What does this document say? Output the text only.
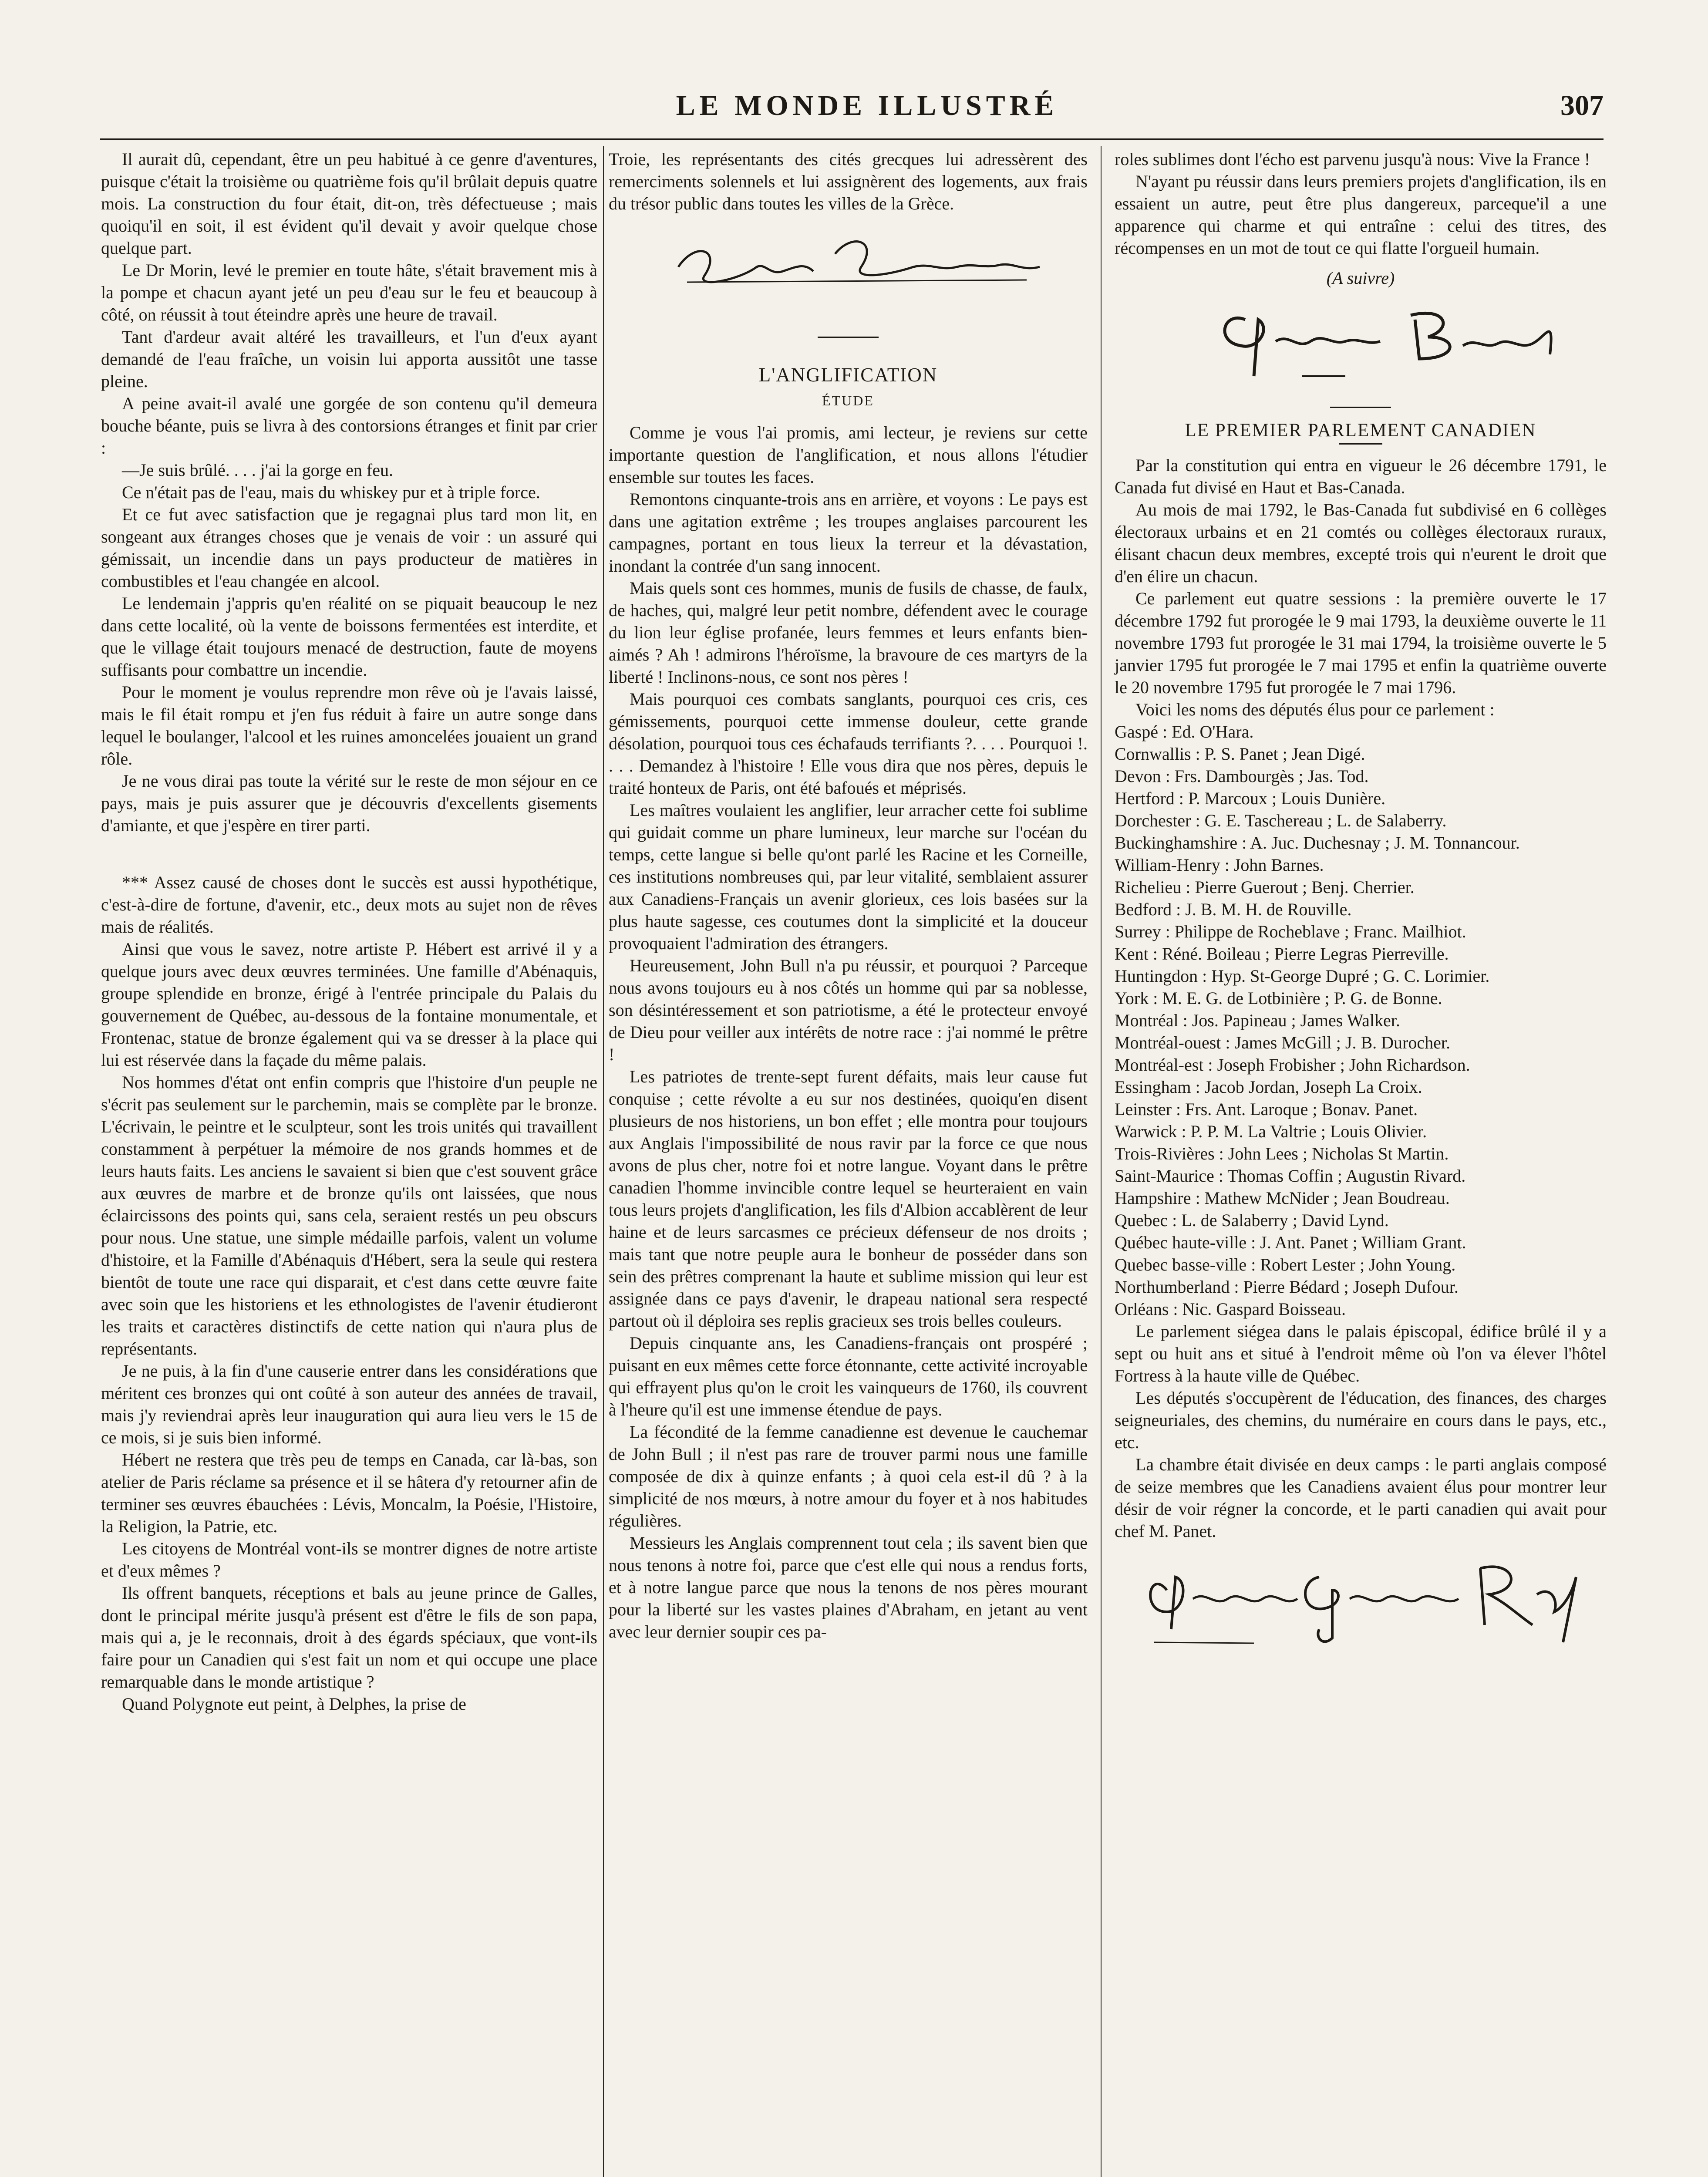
LE MONDE ILLUSTRÉ	307

Il aurait dû, cependant, être un peu habitué à ce genre d'aventures, puisque c'était la troisième ou quatrième fois qu'il brûlait depuis quatre mois. La construction du four était, dit-on, très défectueuse ; mais quoiqu'il en soit, il est évident qu'il devait y avoir quelque chose quelque part.

Le Dr Morin, levé le premier en toute hâte, s'était bravement mis à la pompe et chacun ayant jeté un peu d'eau sur le feu et beaucoup à côté, on réussit à tout éteindre après une heure de travail.

Tant d'ardeur avait altéré les travailleurs, et l'un d'eux ayant demandé de l'eau fraîche, un voisin lui apporta aussitôt une tasse pleine.

A peine avait-il avalé une gorgée de son contenu qu'il demeura bouche béante, puis se livra à des contorsions étranges et finit par crier :

—Je suis brûlé. . . . j'ai la gorge en feu.

Ce n'était pas de l'eau, mais du whiskey pur et à triple force.

Et ce fut avec satisfaction que je regagnai plus tard mon lit, en songeant aux étranges choses que je venais de voir : un assuré qui gémissait, un incendie dans un pays producteur de matières in combustibles et l'eau changée en alcool.

Le lendemain j'appris qu'en réalité on se piquait beaucoup le nez dans cette localité, où la vente de boissons fermentées est interdite, et que le village était toujours menacé de destruction, faute de moyens suffisants pour combattre un incendie.

Pour le moment je voulus reprendre mon rêve où je l'avais laissé, mais le fil était rompu et j'en fus réduit à faire un autre songe dans lequel le boulanger, l'alcool et les ruines amoncelées jouaient un grand rôle.

Je ne vous dirai pas toute la vérité sur le reste de mon séjour en ce pays, mais je puis assurer que je découvris d'excellents gisements d'amiante, et que j'espère en tirer parti.

*** Assez causé de choses dont le succès est aussi hypothétique, c'est-à-dire de fortune, d'avenir, etc., deux mots au sujet non de rêves mais de réalités.

Ainsi que vous le savez, notre artiste P. Hébert est arrivé il y a quelque jours avec deux œuvres terminées. Une famille d'Abénaquis, groupe splendide en bronze, érigé à l'entrée principale du Palais du gouvernement de Québec, au-dessous de la fontaine monumentale, et Frontenac, statue de bronze également qui va se dresser à la place qui lui est réservée dans la façade du même palais.

Nos hommes d'état ont enfin compris que l'histoire d'un peuple ne s'écrit pas seulement sur le parchemin, mais se complète par le bronze. L'écrivain, le peintre et le sculpteur, sont les trois unités qui travaillent constamment à perpétuer la mémoire de nos grands hommes et de leurs hauts faits. Les anciens le savaient si bien que c'est souvent grâce aux œuvres de marbre et de bronze qu'ils ont laissées, que nous éclaircissons des points qui, sans cela, seraient restés un peu obscurs pour nous. Une statue, une simple médaille parfois, valent un volume d'histoire, et la Famille d'Abénaquis d'Hébert, sera la seule qui restera bientôt de toute une race qui disparait, et c'est dans cette œuvre faite avec soin que les historiens et les ethnologistes de l'avenir étudieront les traits et caractères distinctifs de cette nation qui n'aura plus de représentants.

Je ne puis, à la fin d'une causerie entrer dans les considérations que méritent ces bronzes qui ont coûté à son auteur des années de travail, mais j'y reviendrai après leur inauguration qui aura lieu vers le 15 de ce mois, si je suis bien informé.

Hébert ne restera que très peu de temps en Canada, car là-bas, son atelier de Paris réclame sa présence et il se hâtera d'y retourner afin de terminer ses œuvres ébauchées : Lévis, Moncalm, la Poésie, l'Histoire, la Religion, la Patrie, etc.

Les citoyens de Montréal vont-ils se montrer dignes de notre artiste et d'eux mêmes ?

Ils offrent banquets, réceptions et bals au jeune prince de Galles, dont le principal mérite jusqu'à présent est d'être le fils de son papa, mais qui a, je le reconnais, droit à des égards spéciaux, que vont-ils faire pour un Canadien qui s'est fait un nom et qui occupe une place remarquable dans le monde artistique ?

Quand Polygnote eut peint, à Delphes, la prise de

Troie, les représentants des cités grecques lui adressèrent des remerciments solennels et lui assignèrent des logements, aux frais du trésor public dans toutes les villes de la Grèce.

L'ANGLIFICATION

ÉTUDE

Comme je vous l'ai promis, ami lecteur, je reviens sur cette importante question de l'anglification, et nous allons l'étudier ensemble sur toutes les faces.

Remontons cinquante-trois ans en arrière, et voyons : Le pays est dans une agitation extrême ; les troupes anglaises parcourent les campagnes, portant en tous lieux la terreur et la dévastation, inondant la contrée d'un sang innocent.

Mais quels sont ces hommes, munis de fusils de chasse, de faulx, de haches, qui, malgré leur petit nombre, défendent avec le courage du lion leur église profanée, leurs femmes et leurs enfants bien-aimés ? Ah ! admirons l'héroïsme, la bravoure de ces martyrs de la liberté ! Inclinons-nous, ce sont nos pères !

Mais pourquoi ces combats sanglants, pourquoi ces cris, ces gémissements, pourquoi cette immense douleur, cette grande désolation, pourquoi tous ces échafauds terrifiants ?. . . . Pourquoi !. . . . Demandez à l'histoire ! Elle vous dira que nos pères, depuis le traité honteux de Paris, ont été bafoués et méprisés.

Les maîtres voulaient les anglifier, leur arracher cette foi sublime qui guidait comme un phare lumineux, leur marche sur l'océan du temps, cette langue si belle qu'ont parlé les Racine et les Corneille, ces institutions nombreuses qui, par leur vitalité, semblaient assurer aux Canadiens-Français un avenir glorieux, ces lois basées sur la plus haute sagesse, ces coutumes dont la simplicité et la douceur provoquaient l'admiration des étrangers.

Heureusement, John Bull n'a pu réussir, et pourquoi ? Parceque nous avons toujours eu à nos côtés un homme qui par sa noblesse, son désintéressement et son patriotisme, a été le protecteur envoyé de Dieu pour veiller aux intérêts de notre race : j'ai nommé le prêtre !

Les patriotes de trente-sept furent défaits, mais leur cause fut conquise ; cette révolte a eu sur nos destinées, quoiqu'en disent plusieurs de nos historiens, un bon effet ; elle montra pour toujours aux Anglais l'impossibilité de nous ravir par la force ce que nous avons de plus cher, notre foi et notre langue. Voyant dans le prêtre canadien l'homme invincible contre lequel se heurteraient en vain tous leurs projets d'anglification, les fils d'Albion accablèrent de leur haine et de leurs sarcasmes ce précieux défenseur de nos droits ; mais tant que notre peuple aura le bonheur de posséder dans son sein des prêtres comprenant la haute et sublime mission qui leur est assignée dans ce pays d'avenir, le drapeau national sera respecté partout où il déploira ses replis gracieux ses trois belles couleurs.

Depuis cinquante ans, les Canadiens-français ont prospéré ; puisant en eux mêmes cette force étonnante, cette activité incroyable qui effrayent plus qu'on le croit les vainqueurs de 1760, ils couvrent à l'heure qu'il est une immense étendue de pays.

La fécondité de la femme canadienne est devenue le cauchemar de John Bull ; il n'est pas rare de trouver parmi nous une famille composée de dix à quinze enfants ; à quoi cela est-il dû ? à la simplicité de nos mœurs, à notre amour du foyer et à nos habitudes régulières.

Messieurs les Anglais comprennent tout cela ; ils savent bien que nous tenons à notre foi, parce que c'est elle qui nous a rendus forts, et à notre langue parce que nous la tenons de nos pères mourant pour la liberté sur les vastes plaines d'Abraham, en jetant au vent avec leur dernier soupir ces pa-

roles sublimes dont l'écho est parvenu jusqu'à nous: Vive la France !

N'ayant pu réussir dans leurs premiers projets d'anglification, ils en essaient un autre, peut être plus dangereux, parceque'il a une apparence qui charme et qui entraîne : celui des titres, des récompenses en un mot de tout ce qui flatte l'orgueil humain.

(A suivre)

LE PREMIER PARLEMENT CANADIEN

Par la constitution qui entra en vigueur le 26 décembre 1791, le Canada fut divisé en Haut et Bas-Canada.

Au mois de mai 1792, le Bas-Canada fut subdivisé en 6 collèges électoraux urbains et en 21 comtés ou collèges électoraux ruraux, élisant chacun deux membres, excepté trois qui n'eurent le droit que d'en élire un chacun.

Ce parlement eut quatre sessions : la première ouverte le 17 décembre 1792 fut prorogée le 9 mai 1793, la deuxième ouverte le 11 novembre 1793 fut prorogée le 31 mai 1794, la troisième ouverte le 5 janvier 1795 fut prorogée le 7 mai 1795 et enfin la quatrième ouverte le 20 novembre 1795 fut prorogée le 7 mai 1796.

Voici les noms des députés élus pour ce parlement :

Gaspé : Ed. O'Hara.

Cornwallis : P. S. Panet ; Jean Digé.

Devon : Frs. Dambourgès ; Jas. Tod.

Hertford : P. Marcoux ; Louis Dunière.

Dorchester : G. E. Taschereau ; L. de Salaberry.

Buckinghamshire : A. Juc. Duchesnay ; J. M. Tonnancour.

William-Henry : John Barnes.

Richelieu : Pierre Guerout ; Benj. Cherrier.

Bedford : J. B. M. H. de Rouville.

Surrey : Philippe de Rocheblave ; Franc. Mailhiot.

Kent : Réné. Boileau ; Pierre Legras Pierreville.

Huntingdon : Hyp. St-George Dupré ; G. C. Lorimier.

York : M. E. G. de Lotbinière ; P. G. de Bonne.

Montréal : Jos. Papineau ; James Walker.

Montréal-ouest : James McGill ; J. B. Durocher.

Montréal-est : Joseph Frobisher ; John Richardson.

Essingham : Jacob Jordan, Joseph La Croix.

Leinster : Frs. Ant. Laroque ; Bonav. Panet.

Warwick : P. P. M. La Valtrie ; Louis Olivier.

Trois-Rivières : John Lees ; Nicholas St Martin.

Saint-Maurice : Thomas Coffin ; Augustin Rivard.

Hampshire : Mathew McNider ; Jean Boudreau.

Quebec : L. de Salaberry ; David Lynd.

Québec haute-ville : J. Ant. Panet ; William Grant.

Quebec basse-ville : Robert Lester ; John Young.

Northumberland : Pierre Bédard ; Joseph Dufour.

Orléans : Nic. Gaspard Boisseau.

Le parlement siégea dans le palais épiscopal, édifice brûlé il y a sept ou huit ans et situé à l'endroit même où l'on va élever l'hôtel Fortress à la haute ville de Québec.

Les députés s'occupèrent de l'éducation, des finances, des charges seigneuriales, des chemins, du numéraire en cours dans le pays, etc., etc.

La chambre était divisée en deux camps : le parti anglais composé de seize membres que les Canadiens avaient élus pour montrer leur désir de voir régner la concorde, et le parti canadien qui avait pour chef M. Panet.
